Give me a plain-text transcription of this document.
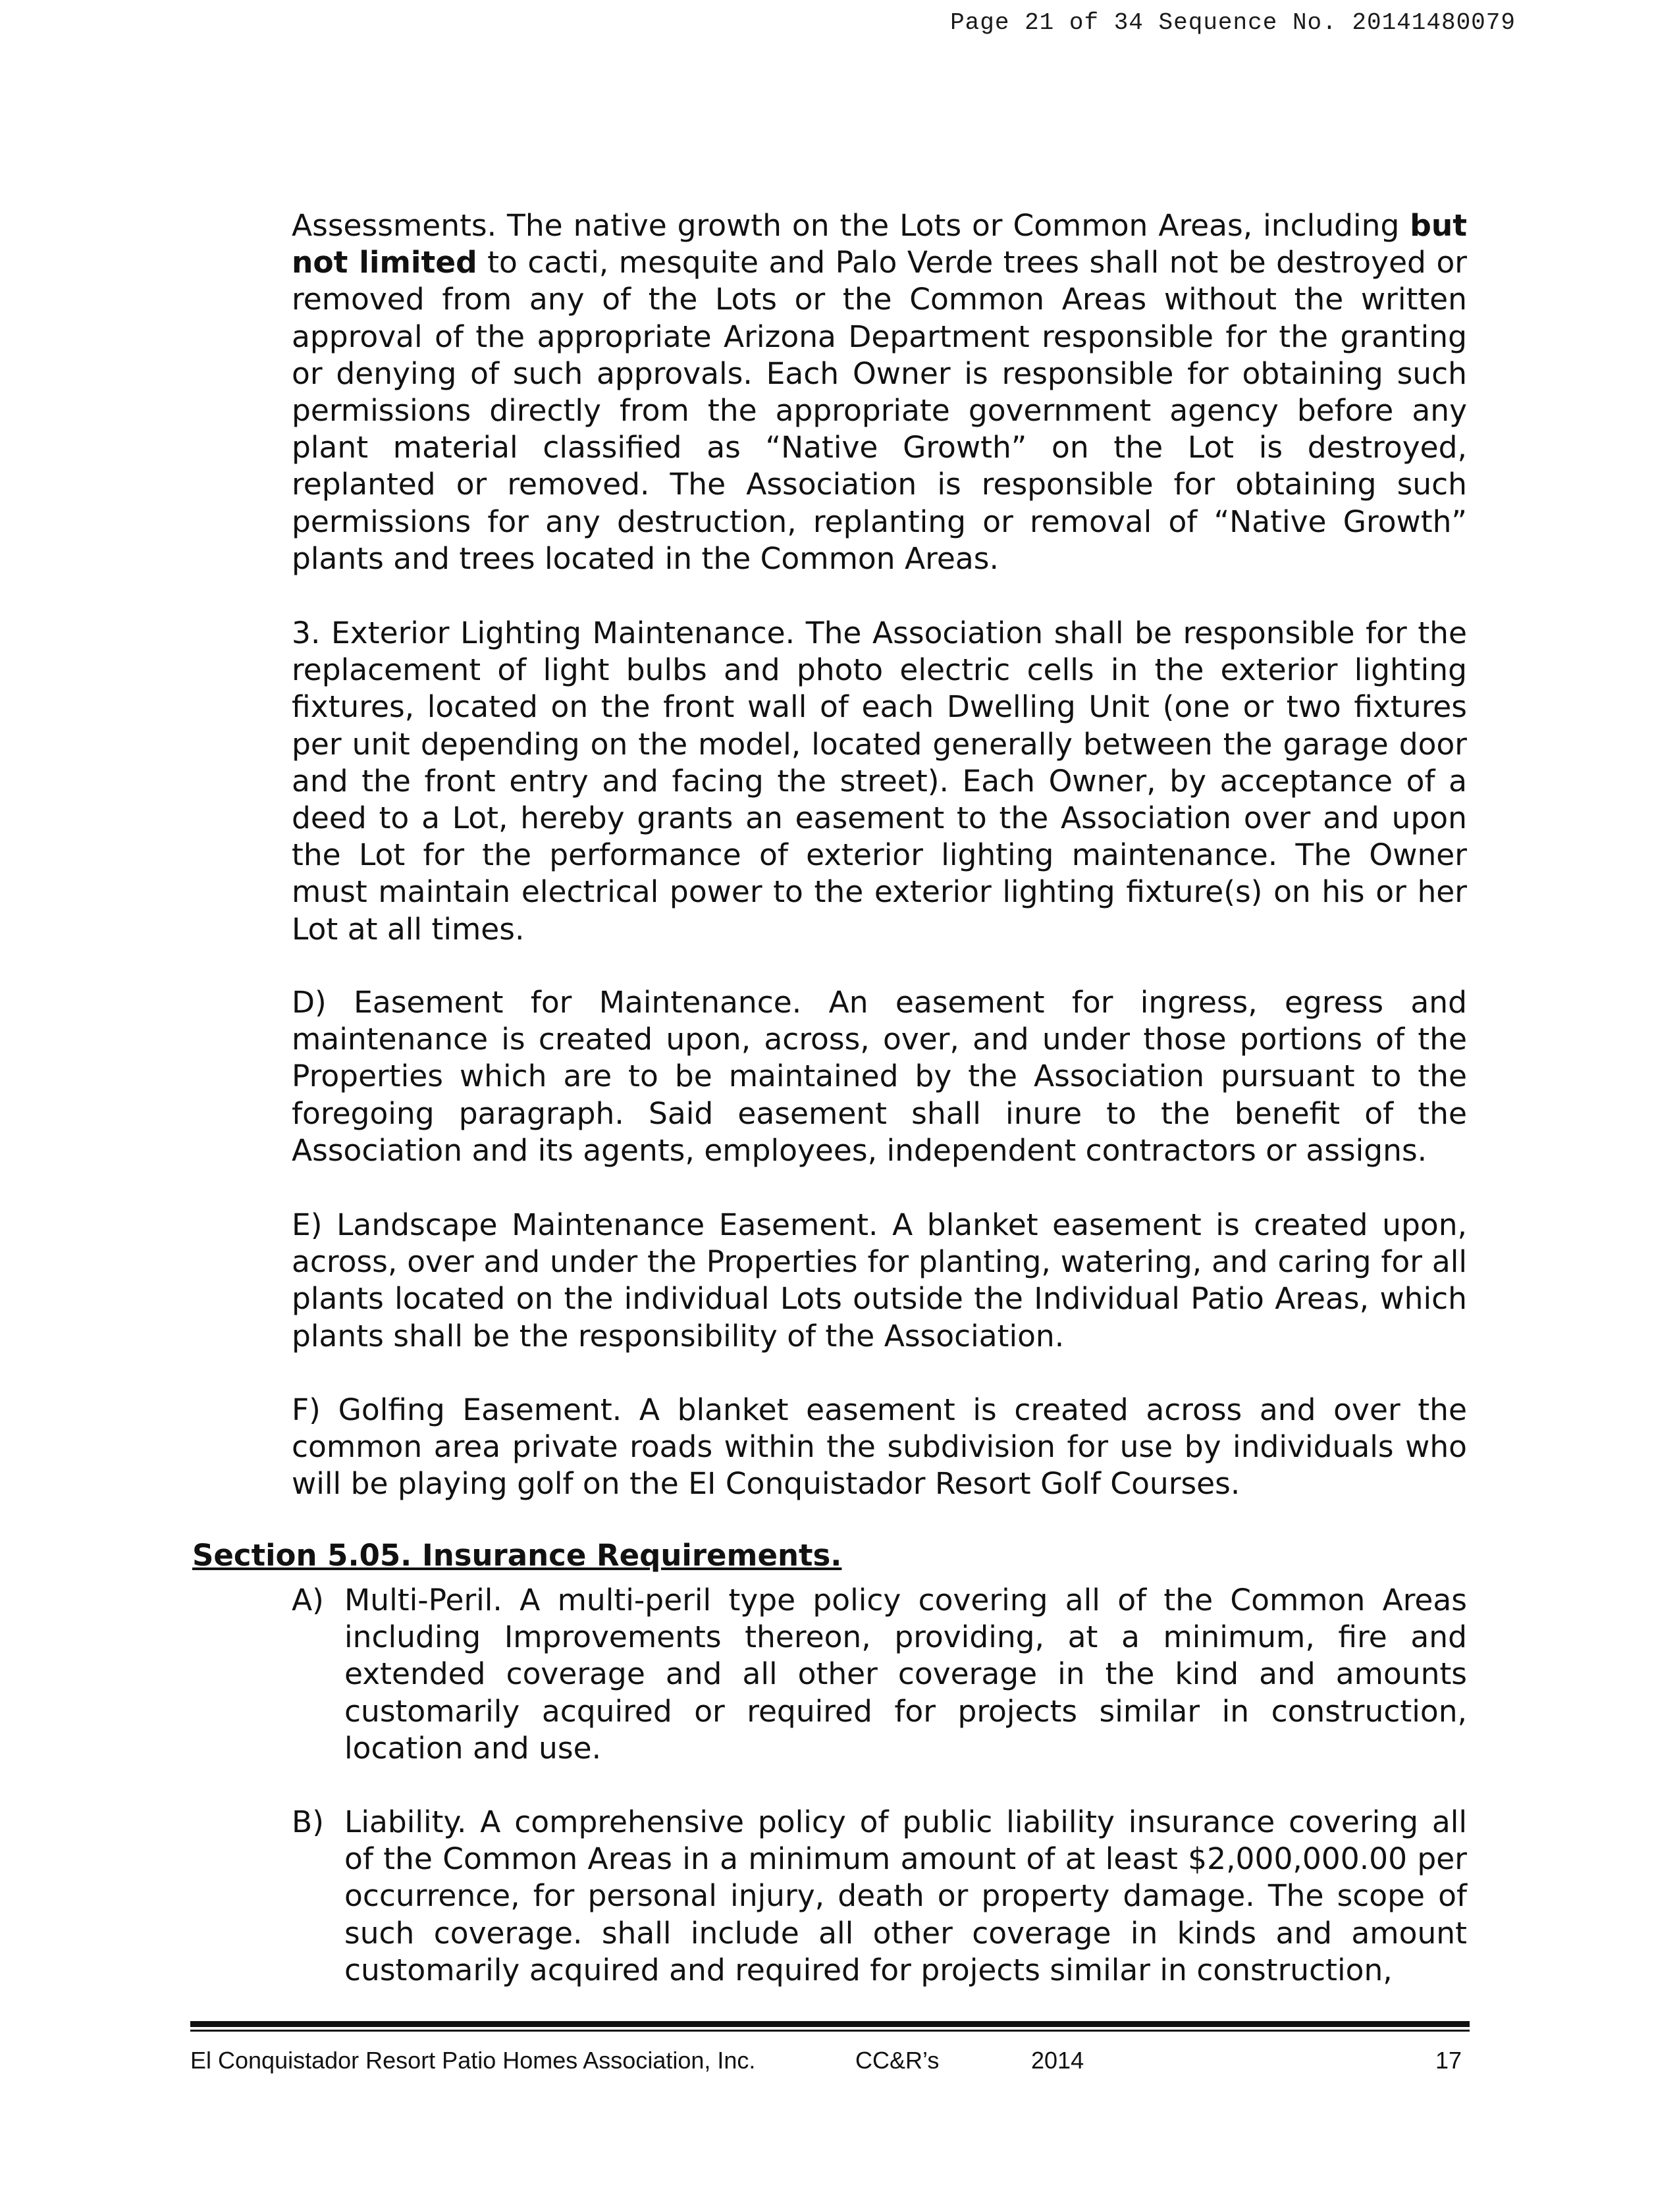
Page 21 of 34 Sequence No. 20141480079

Assessments. The native growth on the Lots or Common Areas, including but not limited to cacti, mesquite and Palo Verde trees shall not be destroyed or removed from any of the Lots or the Common Areas without the written approval of the appropriate Arizona Department responsible for the granting or denying of such approvals. Each Owner is responsible for obtaining such permissions directly from the appropriate government agency before any plant material classified as “Native Growth” on the Lot is destroyed, replanted or removed. The Association is responsible for obtaining such permissions for any destruction, replanting or removal of “Native Growth” plants and trees located in the Common Areas.

3. Exterior Lighting Maintenance. The Association shall be responsible for the replacement of light bulbs and photo electric cells in the exterior lighting fixtures, located on the front wall of each Dwelling Unit (one or two fixtures per unit depending on the model, located generally between the garage door and the front entry and facing the street). Each Owner, by acceptance of a deed to a Lot, hereby grants an easement to the Association over and upon the Lot for the performance of exterior lighting maintenance. The Owner must maintain electrical power to the exterior lighting fixture(s) on his or her Lot at all times.

D) Easement for Maintenance. An easement for ingress, egress and maintenance is created upon, across, over, and under those portions of the Properties which are to be maintained by the Association pursuant to the foregoing paragraph. Said easement shall inure to the benefit of the Association and its agents, employees, independent contractors or assigns.

E) Landscape Maintenance Easement. A blanket easement is created upon, across, over and under the Properties for planting, watering, and caring for all plants located on the individual Lots outside the Individual Patio Areas, which plants shall be the responsibility of the Association.

F) Golfing Easement. A blanket easement is created across and over the common area private roads within the subdivision for use by individuals who will be playing golf on the EI Conquistador Resort Golf Courses.

Section 5.05. Insurance Requirements.
A) Multi-Peril. A multi-peril type policy covering all of the Common Areas including Improvements thereon, providing, at a minimum, fire and extended coverage and all other coverage in the kind and amounts customarily acquired or required for projects similar in construction, location and use.
B) Liability. A comprehensive policy of public liability insurance covering all of the Common Areas in a minimum amount of at least $2,000,000.00 per occurrence, for personal injury, death or property damage. The scope of such coverage. shall include all other coverage in kinds and amount customarily acquired and required for projects similar in construction,
El Conquistador Resort Patio Homes Association, Inc.	CC&R’s	2014	17
